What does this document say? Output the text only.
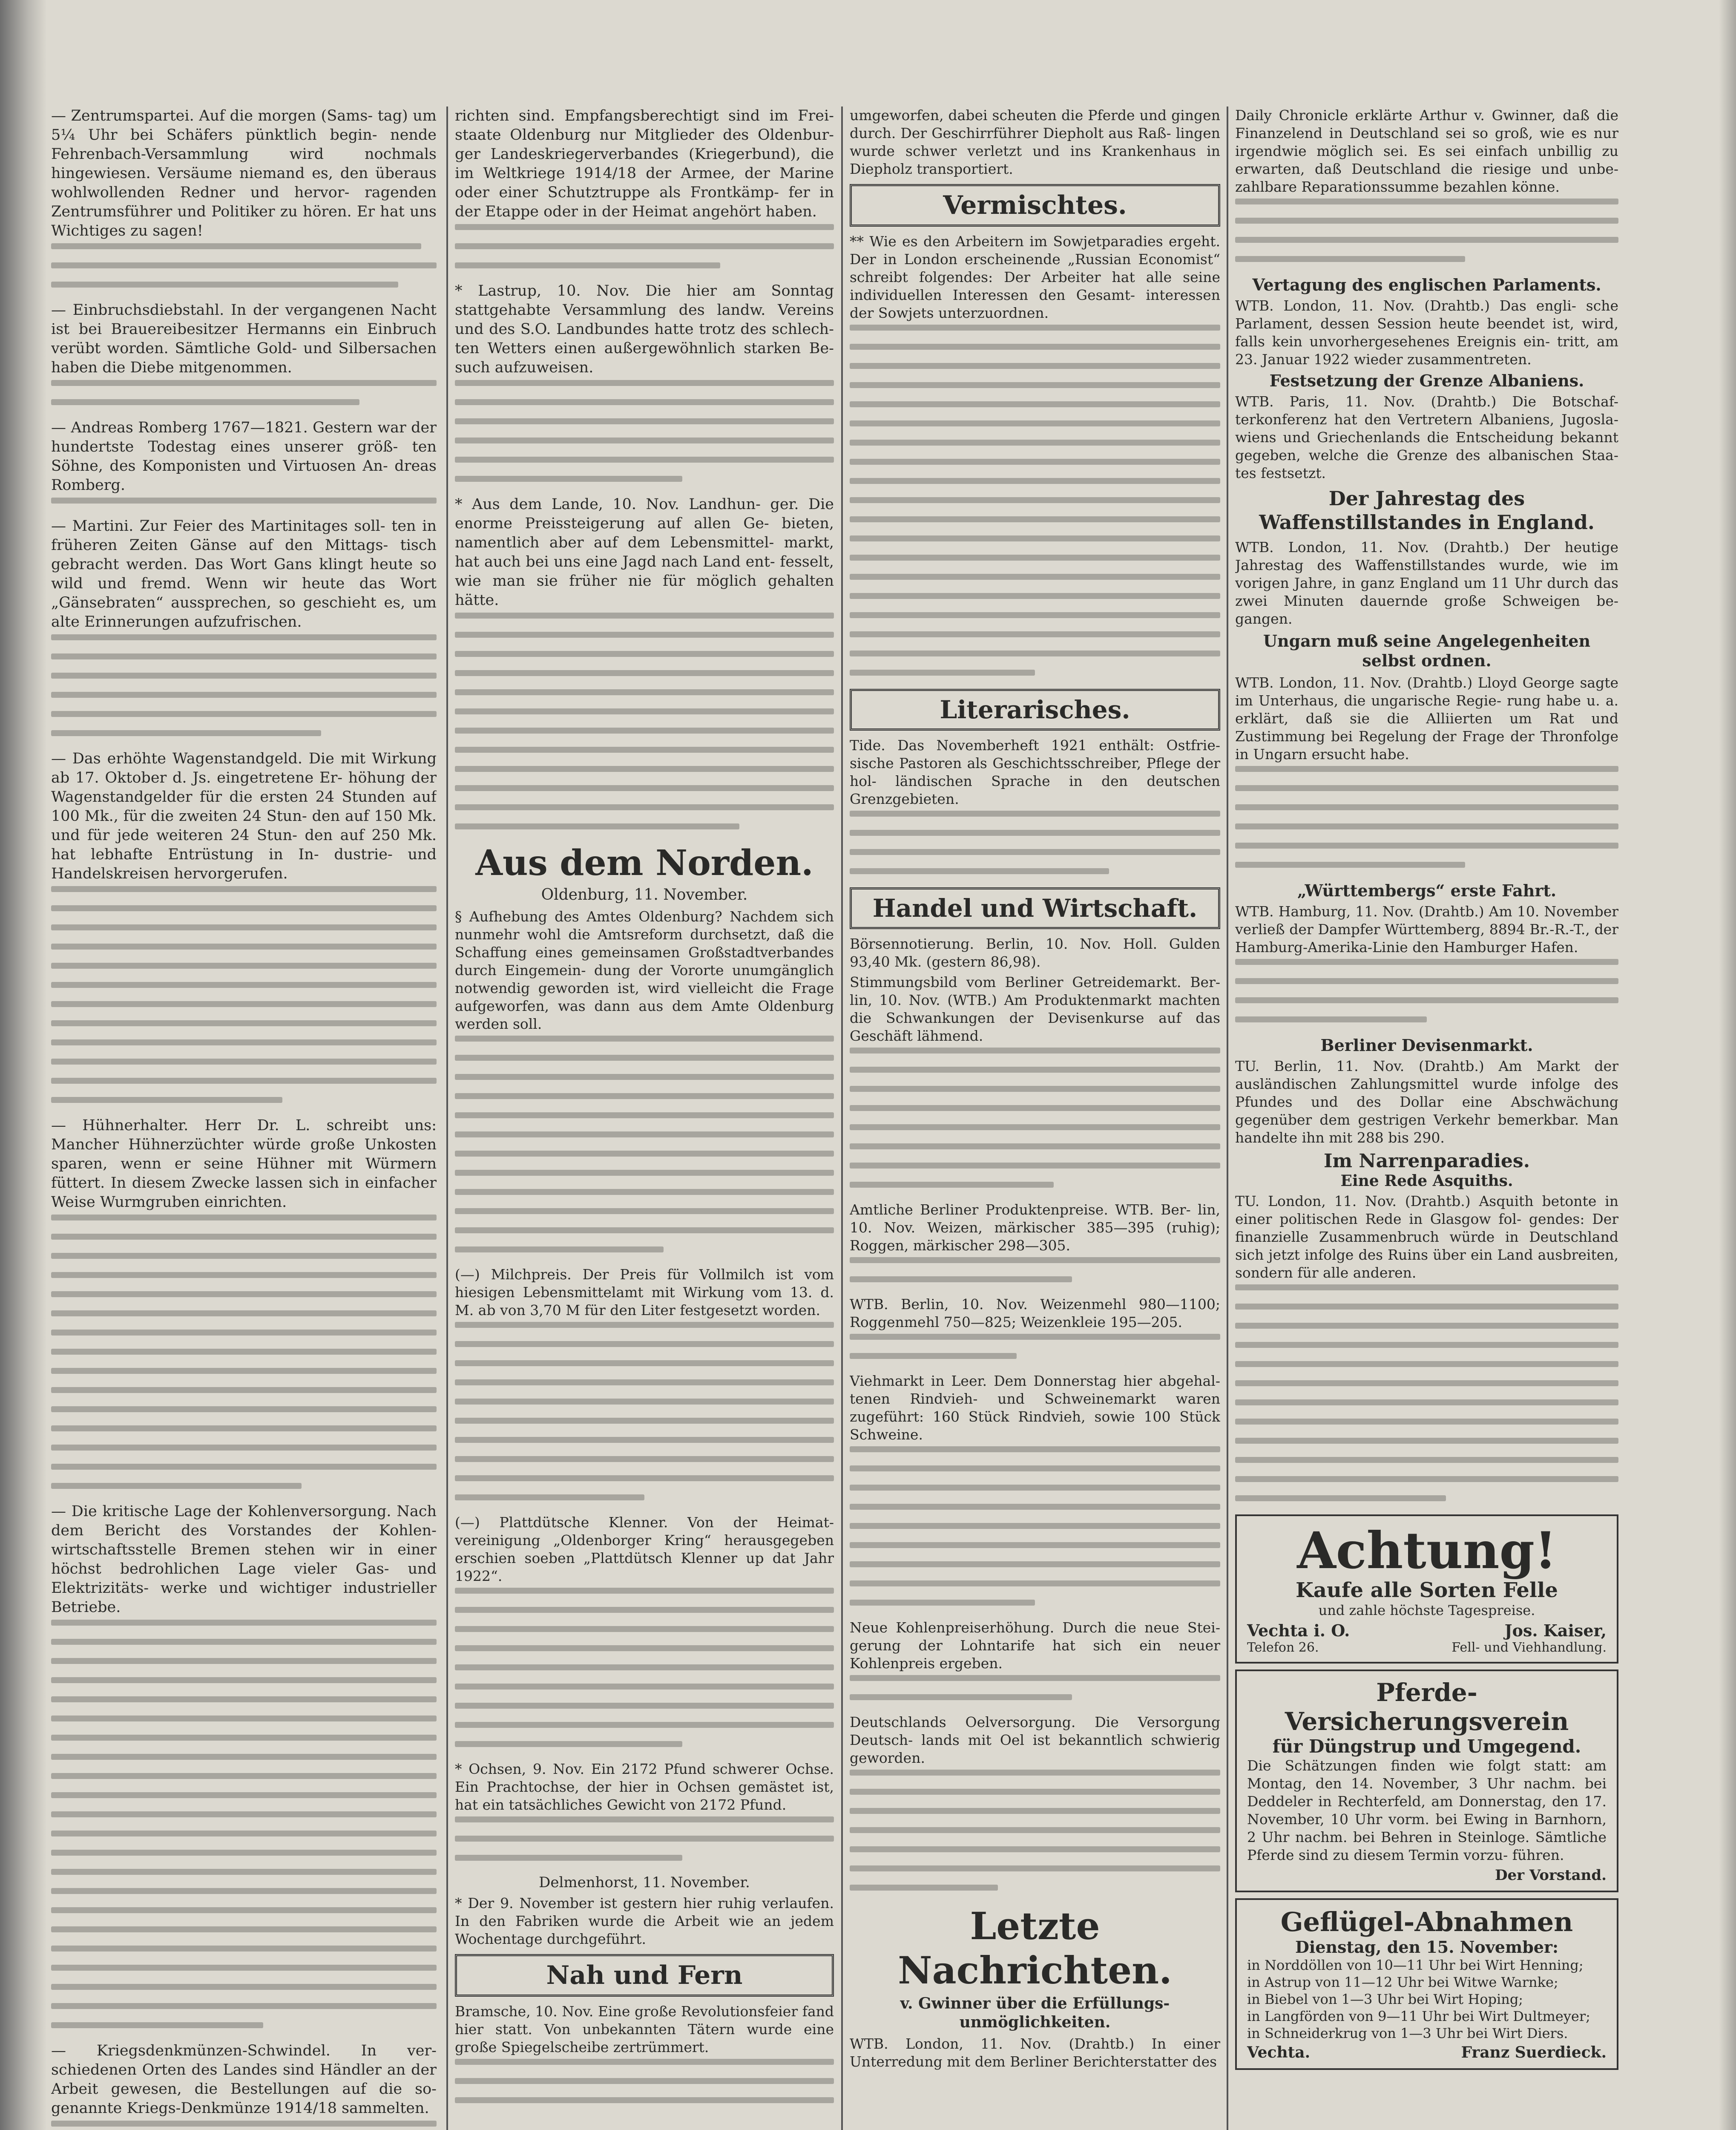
— Zentrumspartei. Auf die morgen (Sams- tag) um 5¼ Uhr bei Schäfers pünktlich begin- nende Fehrenbach-Versammlung wird nochmals hingewiesen. Versäume niemand es, den überaus wohlwollenden Redner und hervor- ragenden Zentrumsführer und Politiker zu hören. Er hat uns Wichtiges zu sagen!

— Einbruchsdiebstahl. In der vergangenen Nacht ist bei Brauereibesitzer Hermanns ein Einbruch verübt worden. Sämtliche Gold- und Silbersachen haben die Diebe mitgenommen.

— Andreas Romberg 1767—1821. Gestern war der hundertste Todestag eines unserer größ- ten Söhne, des Komponisten und Virtuosen An- dreas Romberg.

— Martini. Zur Feier des Martinitages soll- ten in früheren Zeiten Gänse auf den Mittags- tisch gebracht werden. Das Wort Gans klingt heute so wild und fremd. Wenn wir heute das Wort „Gänsebraten“ aussprechen, so geschieht es, um alte Erinnerungen aufzufrischen.

— Das erhöhte Wagenstandgeld. Die mit Wirkung ab 17. Oktober d. Js. eingetretene Er- höhung der Wagenstandgelder für die ersten 24 Stunden auf 100 Mk., für die zweiten 24 Stun- den auf 150 Mk. und für jede weiteren 24 Stun- den auf 250 Mk. hat lebhafte Entrüstung in In- dustrie- und Handelskreisen hervorgerufen.

— Hühnerhalter. Herr Dr. L. schreibt uns: Mancher Hühnerzüchter würde große Unkosten sparen, wenn er seine Hühner mit Würmern füttert. In diesem Zwecke lassen sich in einfacher Weise Wurmgruben einrichten.

— Die kritische Lage der Kohlenversorgung. Nach dem Bericht des Vorstandes der Kohlen- wirtschaftsstelle Bremen stehen wir in einer höchst bedrohlichen Lage vieler Gas- und Elektrizitäts- werke und wichtiger industrieller Betriebe.

— Kriegsdenkmünzen-Schwindel. In ver- schiedenen Orten des Landes sind Händler an der Arbeit gewesen, die Bestellungen auf die so- genannte Kriegs-Denkmünze 1914/18 sammelten.

richten sind. Empfangsberechtigt sind im Frei- staate Oldenburg nur Mitglieder des Oldenbur- ger Landeskriegerverbandes (Kriegerbund), die im Weltkriege 1914/18 der Armee, der Marine oder einer Schutztruppe als Frontkämp- fer in der Etappe oder in der Heimat angehört haben.

* Lastrup, 10. Nov. Die hier am Sonntag stattgehabte Versammlung des landw. Vereins und des S.O. Landbundes hatte trotz des schlech- ten Wetters einen außergewöhnlich starken Be- such aufzuweisen.

* Aus dem Lande, 10. Nov. Landhun- ger. Die enorme Preissteigerung auf allen Ge- bieten, namentlich aber auf dem Lebensmittel- markt, hat auch bei uns eine Jagd nach Land ent- fesselt, wie man sie früher nie für möglich gehalten hätte.

Aus dem Norden.
Oldenburg, 11. November.

§ Aufhebung des Amtes Oldenburg? Nachdem sich nunmehr wohl die Amtsreform durchsetzt, daß die Schaffung eines gemeinsamen Großstadtverbandes durch Eingemein- dung der Vororte unumgänglich notwendig geworden ist, wird vielleicht die Frage aufgeworfen, was dann aus dem Amte Oldenburg werden soll.

(—) Milchpreis. Der Preis für Vollmilch ist vom hiesigen Lebensmittelamt mit Wirkung vom 13. d. M. ab von 3,70 M für den Liter festgesetzt worden.

(—) Plattdütsche Klenner. Von der Heimat- vereinigung „Oldenborger Kring“ herausgegeben erschien soeben „Plattdütsch Klenner up dat Jahr 1922“.

* Ochsen, 9. Nov. Ein 2172 Pfund schwerer Ochse. Ein Prachtochse, der hier in Ochsen gemästet ist, hat ein tatsächliches Gewicht von 2172 Pfund.

Delmenhorst, 11. November.

* Der 9. November ist gestern hier ruhig verlaufen. In den Fabriken wurde die Arbeit wie an jedem Wochentage durchgeführt.

Nah und Fern

Bramsche, 10. Nov. Eine große Revolutionsfeier fand hier statt. Von unbekannten Tätern wurde eine große Spiegelscheibe zertrümmert.

umgeworfen, dabei scheuten die Pferde und gingen durch. Der Geschirrführer Diepholt aus Raß- lingen wurde schwer verletzt und ins Krankenhaus in Diepholz transportiert.

Vermischtes.

** Wie es den Arbeitern im Sowjetparadies ergeht. Der in London erscheinende „Russian Economist“ schreibt folgendes: Der Arbeiter hat alle seine individuellen Interessen den Gesamt- interessen der Sowjets unterzuordnen.

Literarisches.

Tide. Das Novemberheft 1921 enthält: Ostfrie- sische Pastoren als Geschichtsschreiber, Pflege der hol- ländischen Sprache in den deutschen Grenzgebieten.

Handel und Wirtschaft.

Börsennotierung. Berlin, 10. Nov. Holl. Gulden 93,40 Mk. (gestern 86,98).

Stimmungsbild vom Berliner Getreidemarkt. Ber- lin, 10. Nov. (WTB.) Am Produktenmarkt machten die Schwankungen der Devisenkurse auf das Geschäft lähmend.

Amtliche Berliner Produktenpreise. WTB. Ber- lin, 10. Nov. Weizen, märkischer 385—395 (ruhig); Roggen, märkischer 298—305.

WTB. Berlin, 10. Nov. Weizenmehl 980—1100; Roggenmehl 750—825; Weizenkleie 195—205.

Viehmarkt in Leer. Dem Donnerstag hier abgehal- tenen Rindvieh- und Schweinemarkt waren zugeführt: 160 Stück Rindvieh, sowie 100 Stück Schweine.

Neue Kohlenpreiserhöhung. Durch die neue Stei- gerung der Lohntarife hat sich ein neuer Kohlenpreis ergeben.

Deutschlands Oelversorgung. Die Versorgung Deutsch- lands mit Oel ist bekanntlich schwierig geworden.

Letzte Nachrichten.
v. Gwinner über die Erfüllungs- unmöglichkeiten.

WTB. London, 11. Nov. (Drahtb.) In einer Unterredung mit dem Berliner Berichterstatter des

Daily Chronicle erklärte Arthur v. Gwinner, daß die Finanzelend in Deutschland sei so groß, wie es nur irgendwie möglich sei. Es sei einfach unbillig zu erwarten, daß Deutschland die riesige und unbe- zahlbare Reparationssumme bezahlen könne.

Vertagung des englischen Parlaments.

WTB. London, 11. Nov. (Drahtb.) Das engli- sche Parlament, dessen Session heute beendet ist, wird, falls kein unvorhergesehenes Ereignis ein- tritt, am 23. Januar 1922 wieder zusammentreten.

Festsetzung der Grenze Albaniens.

WTB. Paris, 11. Nov. (Drahtb.) Die Botschaf- terkonferenz hat den Vertretern Albaniens, Jugosla- wiens und Griechenlands die Entscheidung bekannt gegeben, welche die Grenze des albanischen Staa- tes festsetzt.

Der Jahrestag des Waffenstillstandes in England.

WTB. London, 11. Nov. (Drahtb.) Der heutige Jahrestag des Waffenstillstandes wurde, wie im vorigen Jahre, in ganz England um 11 Uhr durch das zwei Minuten dauernde große Schweigen be- gangen.

Ungarn muß seine Angelegenheiten selbst ordnen.

WTB. London, 11. Nov. (Drahtb.) Lloyd George sagte im Unterhaus, die ungarische Regie- rung habe u. a. erklärt, daß sie die Alliierten um Rat und Zustimmung bei Regelung der Frage der Thronfolge in Ungarn ersucht habe.

„Württembergs“ erste Fahrt.

WTB. Hamburg, 11. Nov. (Drahtb.) Am 10. November verließ der Dampfer Württemberg, 8894 Br.-R.-T., der Hamburg-Amerika-Linie den Hamburger Hafen.

Berliner Devisenmarkt.

TU. Berlin, 11. Nov. (Drahtb.) Am Markt der ausländischen Zahlungsmittel wurde infolge des Pfundes und des Dollar eine Abschwächung gegenüber dem gestrigen Verkehr bemerkbar. Man handelte ihn mit 288 bis 290.

Im Narrenparadies.
Eine Rede Asquiths.

TU. London, 11. Nov. (Drahtb.) Asquith betonte in einer politischen Rede in Glasgow fol- gendes: Der finanzielle Zusammenbruch würde in Deutschland sich jetzt infolge des Ruins über ein Land ausbreiten, sondern für alle anderen.

Achtung!
Kaufe alle Sorten Felle
und zahle höchste Tagespreise.
Vechta i. O.	Jos. Kaiser,
Telefon 26.	Fell- und Viehhandlung.
Pferde-Versicherungsverein
für Düngstrup und Umgegend.

Die Schätzungen finden wie folgt statt: am Montag, den 14. November, 3 Uhr nachm. bei Deddeler in Rechterfeld, am Donnerstag, den 17. November, 10 Uhr vorm. bei Ewing in Barnhorn, 2 Uhr nachm. bei Behren in Steinloge. Sämtliche Pferde sind zu diesem Termin vorzu- führen.

Der Vorstand.
Geflügel-Abnahmen
Dienstag, den 15. November:
in Norddöllen von 10—11 Uhr bei Wirt Henning;
in Astrup von 11—12 Uhr bei Witwe Warnke;
in Biebel von 1—3 Uhr bei Wirt Hoping;
in Langförden von 9—11 Uhr bei Wirt Dultmeyer;
in Schneiderkrug von 1—3 Uhr bei Wirt Diers.
Vechta.	Franz Suerdieck.
